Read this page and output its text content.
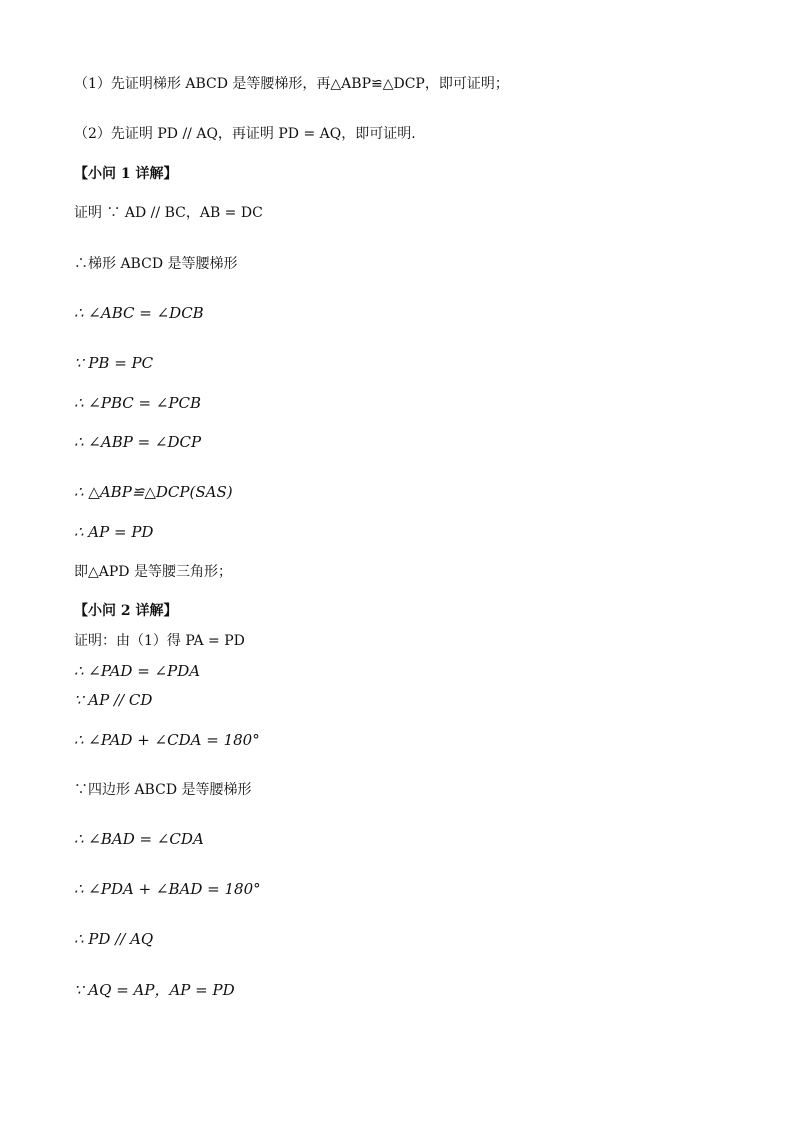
（1）先证明梯形 ABCD 是等腰梯形，再△ABP≌△DCP，即可证明；
（2）先证明 PD // AQ，再证明 PD = AQ，即可证明.
【小问 1 详解】
证明 ∵ AD // BC，AB = DC
∴梯形 ABCD 是等腰梯形
∴ ∠ABC = ∠DCB
∵ PB = PC
∴ ∠PBC = ∠PCB
∴ ∠ABP = ∠DCP
∴ △ABP≌△DCP(SAS)
∴ AP = PD
即△APD 是等腰三角形；
【小问 2 详解】
证明：由（1）得 PA = PD
∴ ∠PAD = ∠PDA
∵ AP // CD
∴ ∠PAD + ∠CDA = 180°
∵四边形 ABCD 是等腰梯形
∴ ∠BAD = ∠CDA
∴ ∠PDA + ∠BAD = 180°
∴ PD // AQ
∵ AQ = AP，AP = PD
